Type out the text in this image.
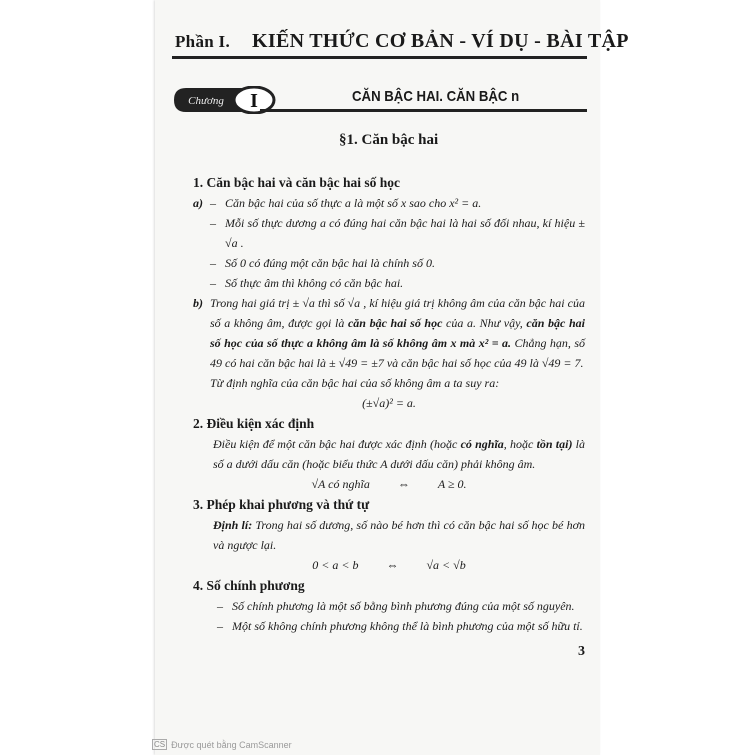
Phần I. KIẾN THỨC CƠ BẢN - VÍ DỤ - BÀI TẬP
Chương I	CĂN BẬC HAI. CĂN BẬC n
§1. Căn bậc hai
1. Căn bậc hai và căn bậc hai số học
a) – Căn bậc hai của số thực a là một số x sao cho x² = a.
– Mỗi số thực dương a có đúng hai căn bậc hai là hai số đối nhau, kí hiệu ± √a .
– Số 0 có đúng một căn bậc hai là chính số 0.
– Số thực âm thì không có căn bậc hai.
b) Trong hai giá trị ± √a thì số √a , kí hiệu giá trị không âm của căn bậc hai của số a không âm, được gọi là căn bậc hai số học của a. Như vậy, căn bậc hai số học của số thực a không âm là số không âm x mà x² = a. Chẳng hạn, số 49 có hai căn bậc hai là ± √49 = ±7 và căn bậc hai số học của 49 là √49 = 7.
Từ định nghĩa của căn bậc hai của số không âm a ta suy ra:
(±√a)² = a.
2. Điều kiện xác định
Điều kiện để một căn bậc hai được xác định (hoặc có nghĩa, hoặc tồn tại) là số a dưới dấu căn (hoặc biểu thức A dưới dấu căn) phải không âm.
√A có nghĩa ⇔ A ≥ 0.
3. Phép khai phương và thứ tự
Định lí: Trong hai số dương, số nào bé hơn thì có căn bậc hai số học bé hơn và ngược lại.
0 < a < b ⇔ √a < √b
4. Số chính phương
– Số chính phương là một số bằng bình phương đúng của một số nguyên.
– Một số không chính phương không thể là bình phương của một số hữu tỉ.
3
CS Được quét bằng CamScanner
